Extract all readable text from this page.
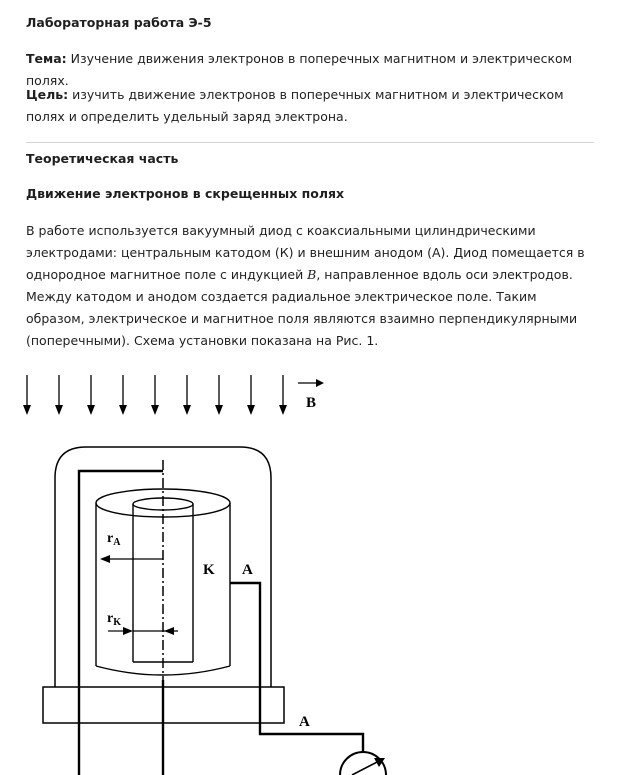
Лабораторная работа Э-5
Тема: Изучение движения электронов в поперечных магнитном и электрическом полях.
Цель: изучить движение электронов в поперечных магнитном и электрическом полях и определить удельный заряд электрона.
Теоретическая часть
Движение электронов в скрещенных полях
В работе используется вакуумный диод с коаксиальными цилиндрическими электродами: центральным катодом (К) и внешним анодом (А). Диод помещается в однородное магнитное поле с индукцией B, направленное вдоль оси электродов. Между катодом и анодом создается радиальное электрическое поле. Таким образом, электрическое и магнитное поля являются взаимно перпендикулярными (поперечными). Схема установки показана на Рис. 1.
B
$r_A$
$r_K$
K A
A
